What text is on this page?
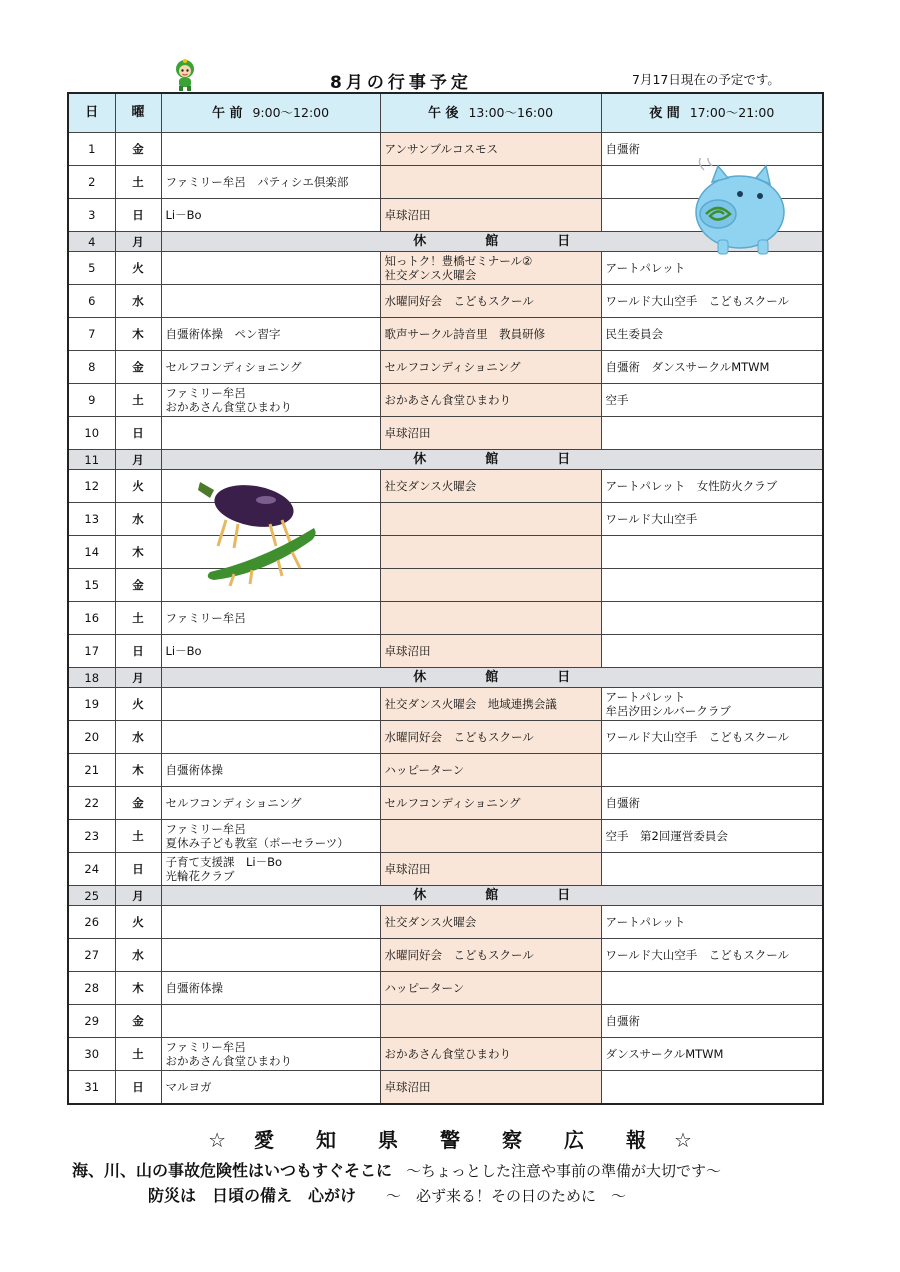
8月の行事予定	7月17日現在の予定です。
日	曜	午 前 9:00～12:00	午 後 13:00～16:00	夜 間 17:00～21:00
1	金		アンサンブルコスモス	自彊術

2	土	ファミリー牟呂　パティシエ倶楽部		

3	日	Li－Bo	卓球沼田	

4	月	休 館 日		
5	火		知っトク！豊橋ゼミナール②
社交ダンス火曜会	アートパレット

6	水		水曜同好会　こどもスクール	ワールド大山空手　こどもスクール

7	木	自彊術体操　ペン習字	歌声サークル詩音里　教員研修	民生委員会

8	金	セルフコンディショニング	セルフコンディショニング	自彊術　ダンスサークルMTWM

9	土	ファミリー牟呂
おかあさん食堂ひまわり	おかあさん食堂ひまわり	空手

10	日		卓球沼田	

11	月	休 館 日		
12	火		社交ダンス火曜会	アートパレット　女性防火クラブ

13	水			ワールド大山空手

14	木			
15	金			
16	土	ファミリー牟呂		

17	日	Li－Bo	卓球沼田	

18	月	休 館 日		
19	火		社交ダンス火曜会　地域連携会議	アートパレット
牟呂汐田シルバークラブ

20	水		水曜同好会　こどもスクール	ワールド大山空手　こどもスクール

21	木	自彊術体操	ハッピーターン	

22	金	セルフコンディショニング	セルフコンディショニング	自彊術

23	土	ファミリー牟呂
夏休み子ども教室（ポーセラーツ）		空手　第2回運営委員会

24	日	子育て支援課　Li－Bo
光輪花クラブ	卓球沼田	

25	月	休 館 日		
26	火		社交ダンス火曜会	アートパレット

27	水		水曜同好会　こどもスクール	ワールド大山空手　こどもスクール

28	木	自彊術体操	ハッピーターン	

29	金			自彊術

30	土	ファミリー牟呂
おかあさん食堂ひまわり	おかあさん食堂ひまわり	ダンスサークルMTWM

31	日	マルヨガ	卓球沼田	

☆ 愛 知 県 警 察 広 報 ☆
海、川、山の事故危険性はいつもすぐそこに ～ちょっとした注意や事前の準備が大切です～
防災は　日頃の備え　心がけ ～　必ず来る！その日のために　～
